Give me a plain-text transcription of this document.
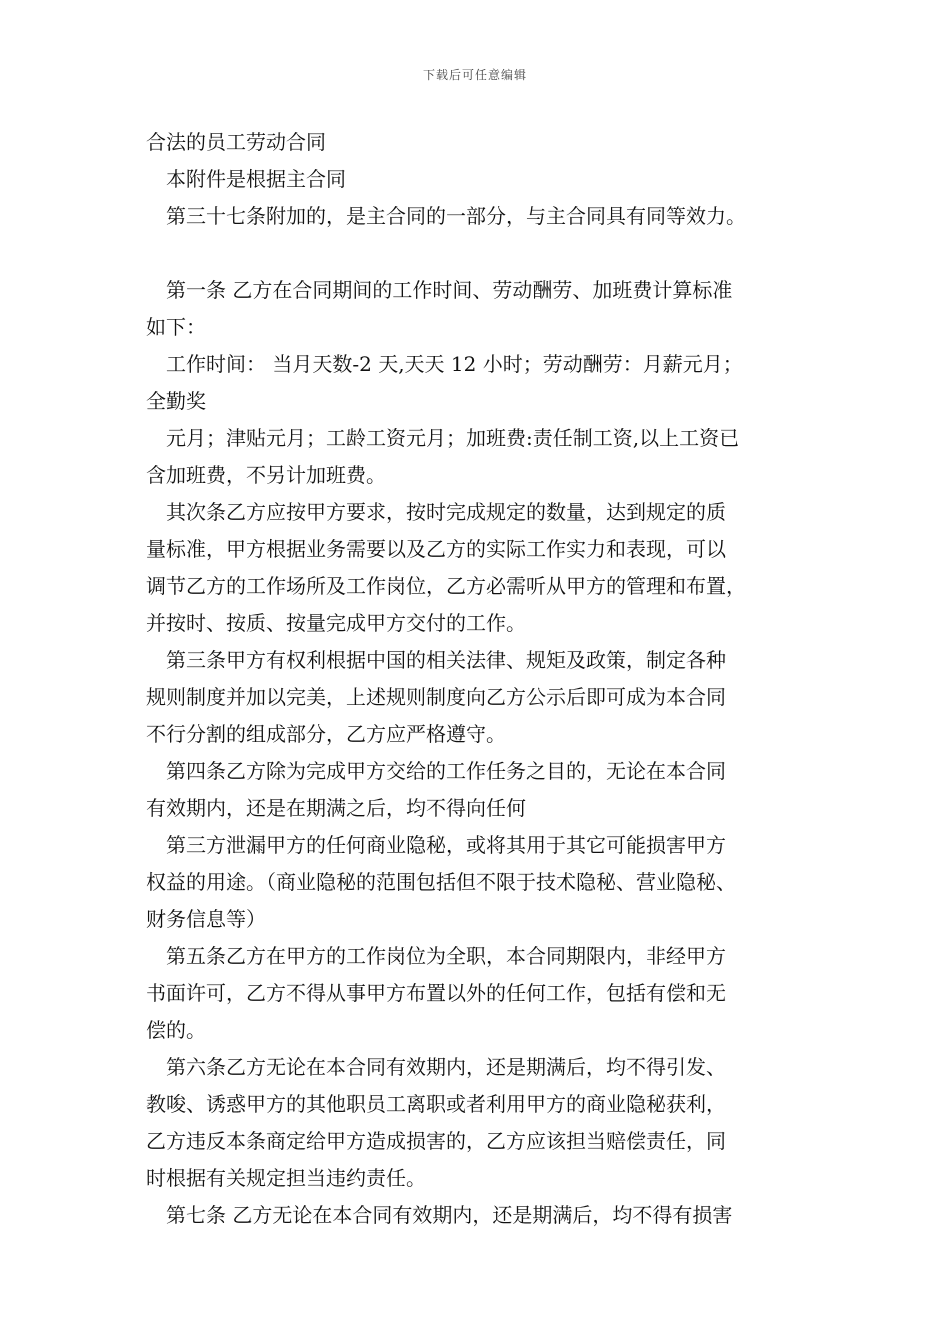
下载后可任意编辑
合法的员工劳动合同
本附件是根据主合同
第三十七条附加的，是主合同的一部分，与主合同具有同等效力。
第一条 乙方在合同期间的工作时间、劳动酬劳、加班费计算标准
如下：
工作时间： 当月天数-2 天,天天 12 小时；劳动酬劳：月薪元月；
全勤奖
元月；津贴元月；工龄工资元月；加班费:责任制工资,以上工资已
含加班费，不另计加班费。
其次条乙方应按甲方要求，按时完成规定的数量，达到规定的质
量标准，甲方根据业务需要以及乙方的实际工作实力和表现，可以
调节乙方的工作场所及工作岗位，乙方必需听从甲方的管理和布置，
并按时、按质、按量完成甲方交付的工作。
第三条甲方有权利根据中国的相关法律、规矩及政策，制定各种
规则制度并加以完美，上述规则制度向乙方公示后即可成为本合同
不行分割的组成部分，乙方应严格遵守。
第四条乙方除为完成甲方交给的工作任务之目的，无论在本合同
有效期内，还是在期满之后，均不得向任何
第三方泄漏甲方的任何商业隐秘，或将其用于其它可能损害甲方
权益的用途。（商业隐秘的范围包括但不限于技术隐秘、营业隐秘、
财务信息等）
第五条乙方在甲方的工作岗位为全职，本合同期限内，非经甲方
书面许可，乙方不得从事甲方布置以外的任何工作，包括有偿和无
偿的。
第六条乙方无论在本合同有效期内，还是期满后，均不得引发、
教唆、诱惑甲方的其他职员工离职或者利用甲方的商业隐秘获利，
乙方违反本条商定给甲方造成损害的，乙方应该担当赔偿责任，同
时根据有关规定担当违约责任。
第七条 乙方无论在本合同有效期内，还是期满后，均不得有损害
